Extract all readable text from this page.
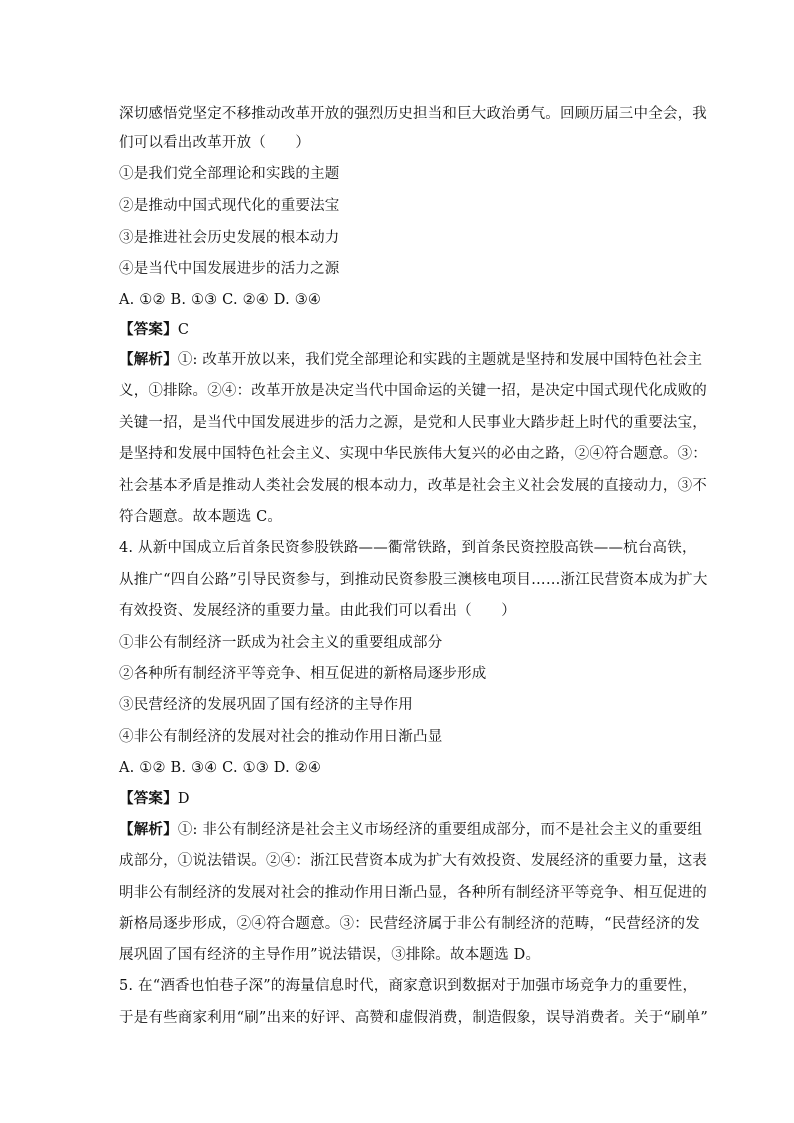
深切感悟党坚定不移推动改革开放的强烈历史担当和巨大政治勇气。回顾历届三中全会，我
们可以看出改革开放（　　）
①是我们党全部理论和实践的主题
②是推动中国式现代化的重要法宝
③是推进社会历史发展的根本动力
④是当代中国发展进步的活力之源
A. ①② B. ①③ C. ②④ D. ③④
【答案】C
【解析】①: 改革开放以来，我们党全部理论和实践的主题就是坚持和发展中国特色社会主
义，①排除。②④：改革开放是决定当代中国命运的关键一招，是决定中国式现代化成败的
关键一招，是当代中国发展进步的活力之源，是党和人民事业大踏步赶上时代的重要法宝，
是坚持和发展中国特色社会主义、实现中华民族伟大复兴的必由之路，②④符合题意。③：
社会基本矛盾是推动人类社会发展的根本动力，改革是社会主义社会发展的直接动力，③不
符合题意。故本题选 C。
4. 从新中国成立后首条民资参股铁路——衢常铁路，到首条民资控股高铁——杭台高铁，
从推广“四自公路”引导民资参与，到推动民资参股三澳核电项目……浙江民营资本成为扩大
有效投资、发展经济的重要力量。由此我们可以看出（　　）
①非公有制经济一跃成为社会主义的重要组成部分
②各种所有制经济平等竞争、相互促进的新格局逐步形成
③民营经济的发展巩固了国有经济的主导作用
④非公有制经济的发展对社会的推动作用日渐凸显
A. ①② B. ③④ C. ①③ D. ②④
【答案】D
【解析】①: 非公有制经济是社会主义市场经济的重要组成部分，而不是社会主义的重要组
成部分，①说法错误。②④：浙江民营资本成为扩大有效投资、发展经济的重要力量，这表
明非公有制经济的发展对社会的推动作用日渐凸显，各种所有制经济平等竞争、相互促进的
新格局逐步形成，②④符合题意。③：民营经济属于非公有制经济的范畴，“民营经济的发
展巩固了国有经济的主导作用”说法错误，③排除。故本题选 D。
5. 在“酒香也怕巷子深”的海量信息时代，商家意识到数据对于加强市场竞争力的重要性，
于是有些商家利用“刷”出来的好评、高赞和虚假消费，制造假象，误导消费者。关于“刷单”
